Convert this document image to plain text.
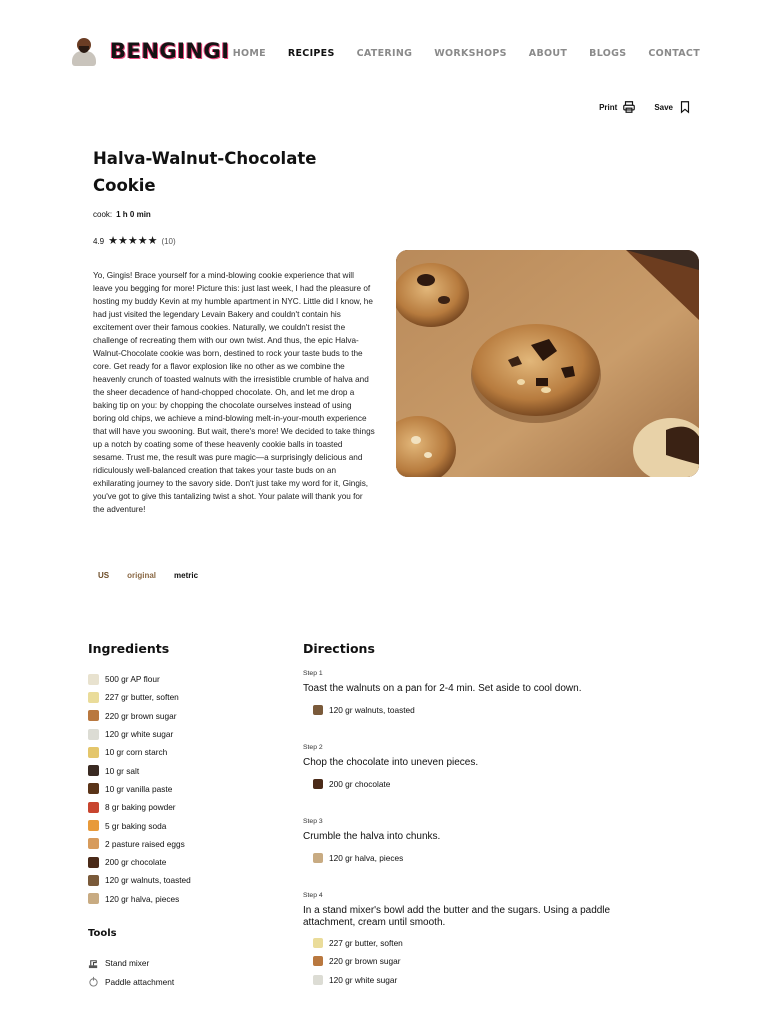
BENGINGI HOME RECIPES CATERING WORKSHOPS ABOUT BLOGS CONTACT
Print	Save
Halva-Walnut-Chocolate Cookie
cook: 1 h 0 min
4.9 ★★★★★ (10)

Yo, Gingis! Brace yourself for a mind-blowing cookie experience that will leave you begging for more! Picture this: just last week, I had the pleasure of hosting my buddy Kevin at my humble apartment in NYC. Little did I know, he had just visited the legendary Levain Bakery and couldn't contain his excitement over their famous cookies. Naturally, we couldn't resist the challenge of recreating them with our own twist. And thus, the epic Halva-Walnut-Chocolate cookie was born, destined to rock your taste buds to the core. Get ready for a flavor explosion like no other as we combine the heavenly crunch of toasted walnuts with the irresistible crumble of halva and the sheer decadence of hand-chopped chocolate. Oh, and let me drop a baking tip on you: by chopping the chocolate ourselves instead of using boring old chips, we achieve a mind-blowing melt-in-your-mouth experience that will have you swooning. But wait, there's more! We decided to take things up a notch by coating some of these heavenly cookie balls in toasted sesame. Trust me, the result was pure magic—a surprisingly delicious and ridiculously well-balanced creation that takes your taste buds on an exhilarating journey to the savory side. Don't just take my word for it, Gingis, you've got to give this tantalizing twist a shot. Your palate will thank you for the adventure!

US original metric
Ingredients
500 gr AP flour
227 gr butter, soften
220 gr brown sugar
120 gr white sugar
10 gr corn starch
10 gr salt
10 gr vanilla paste
8 gr baking powder
5 gr baking soda
2 pasture raised eggs
200 gr chocolate
120 gr walnuts, toasted
120 gr halva, pieces
Tools
Stand mixer
Paddle attachment
Directions
Step 1
Toast the walnuts on a pan for 2-4 min. Set aside to cool down.
120 gr walnuts, toasted
Step 2
Chop the chocolate into uneven pieces.
200 gr chocolate
Step 3
Crumble the halva into chunks.
120 gr halva, pieces
Step 4
In a stand mixer's bowl add the butter and the sugars. Using a paddle attachment, cream until smooth.
227 gr butter, soften
220 gr brown sugar
120 gr white sugar
